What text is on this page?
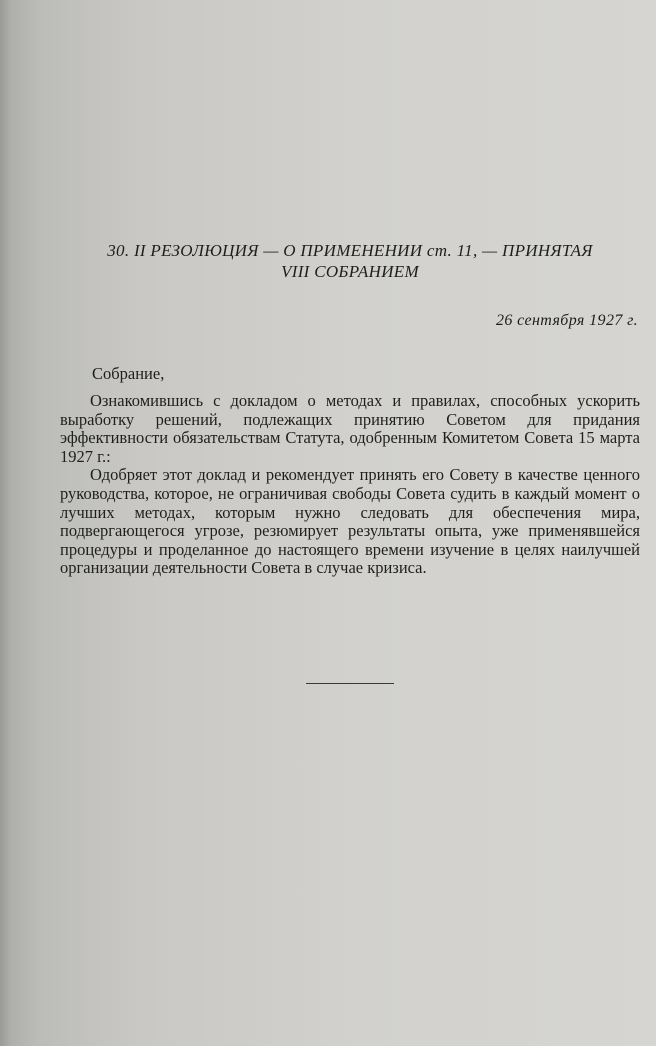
30. II РЕЗОЛЮЦИЯ — О ПРИМЕНЕНИИ ст. 11, — ПРИНЯТАЯ
VIII СОБРАНИЕМ
26 сентября 1927 г.
Собрание,

Ознакомившись с докладом о методах и правилах, способных ускорить выработку решений, подлежащих принятию Советом для придания эффективности обязательствам Статута, одобренным Комитетом Совета 15 марта 1927 г.:

Одобряет этот доклад и рекомендует принять его Совету в качестве ценного руководства, которое, не ограничивая свободы Совета судить в каждый момент о лучших методах, которым нужно следовать для обеспечения мира, подвергающегося угрозе, резюмирует результаты опыта, уже применявшейся процедуры и проделанное до настоящего времени изучение в целях наилучшей организации деятельности Совета в случае кризиса.
